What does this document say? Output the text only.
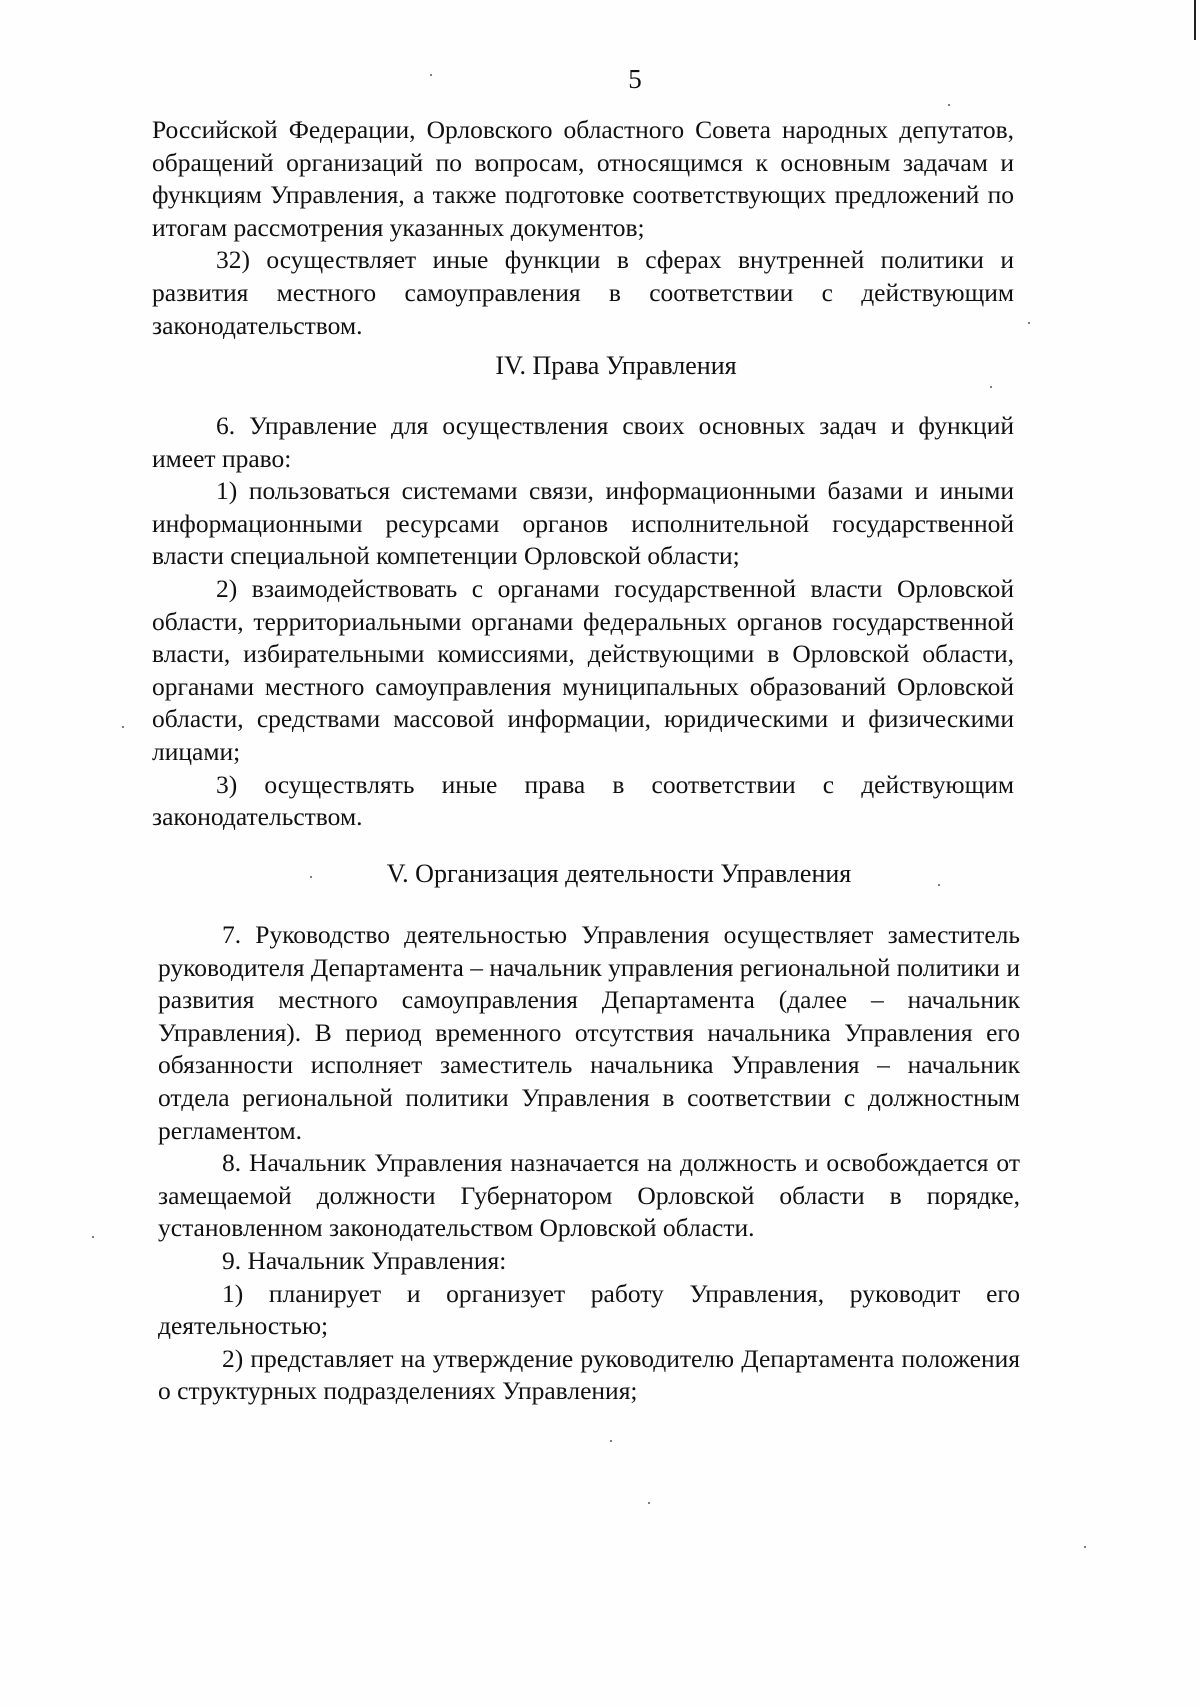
5

Российской Федерации, Орловского областного Совета народных депутатов, обращений организаций по вопросам, относящимся к основным задачам и функциям Управления, а также подготовке соответствующих предложений по итогам рассмотрения указанных документов;

32) осуществляет иные функции в сферах внутренней политики и развития местного самоуправления в соответствии с действующим законодательством.

IV. Права Управления

6. Управление для осуществления своих основных задач и функций имеет право:

1) пользоваться системами связи, информационными базами и иными информационными ресурсами органов исполнительной государственной власти специальной компетенции Орловской области;

2) взаимодействовать с органами государственной власти Орловской области, территориальными органами федеральных органов государственной власти, избирательными комиссиями, действующими в Орловской области, органами местного самоуправления муниципальных образований Орловской области, средствами массовой информации, юридическими и физическими лицами;

3) осуществлять иные права в соответствии с действующим законодательством.

V. Организация деятельности Управления

7. Руководство деятельностью Управления осуществляет заместитель руководителя Департамента – начальник управления региональной политики и развития местного самоуправления Департамента (далее – начальник Управления). В период временного отсутствия начальника Управления его обязанности исполняет заместитель начальника Управления – начальник отдела региональной политики Управления в соответствии с должностным регламентом.

8. Начальник Управления назначается на должность и освобождается от замещаемой должности Губернатором Орловской области в порядке, установленном законодательством Орловской области.

9. Начальник Управления:

1) планирует и организует работу Управления, руководит его деятельностью;

2) представляет на утверждение руководителю Департамента положения о структурных подразделениях Управления;
